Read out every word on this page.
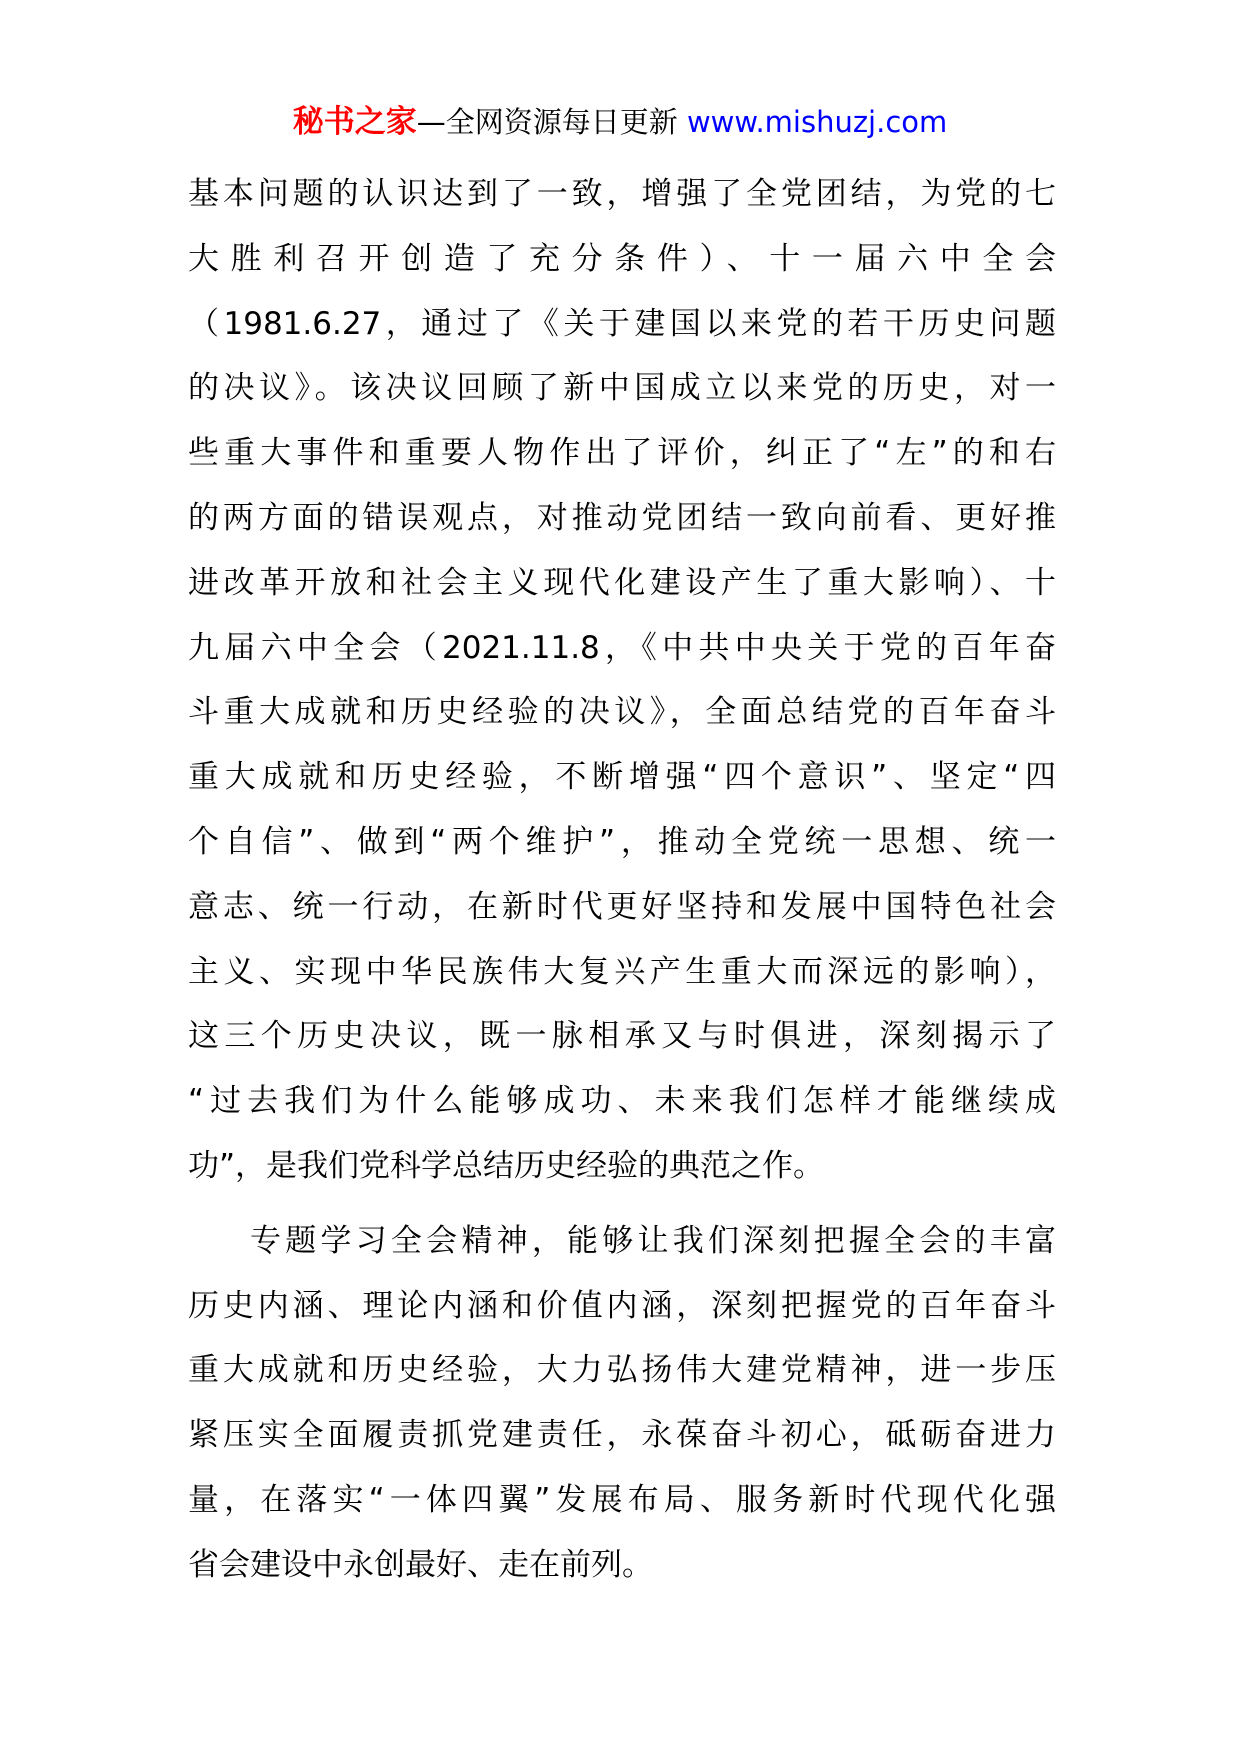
秘书之家—全网资源每日更新 www.mishuzj.com
基本问题的认识达到了一致，增强了全党团结，为党的七
大胜利召开创造了充分条件）、十一届六中全会
（1981.6.27，通过了《关于建国以来党的若干历史问题
的决议》。该决议回顾了新中国成立以来党的历史，对一
些重大事件和重要人物作出了评价，纠正了“左”的和右
的两方面的错误观点，对推动党团结一致向前看、更好推
进改革开放和社会主义现代化建设产生了重大影响）、十
九届六中全会（2021.11.8，《中共中央关于党的百年奋
斗重大成就和历史经验的决议》，全面总结党的百年奋斗
重大成就和历史经验，不断增强“四个意识”、坚定“四
个自信”、做到“两个维护”，推动全党统一思想、统一
意志、统一行动，在新时代更好坚持和发展中国特色社会
主义、实现中华民族伟大复兴产生重大而深远的影响），
这三个历史决议，既一脉相承又与时俱进，深刻揭示了
“过去我们为什么能够成功、未来我们怎样才能继续成
功”，是我们党科学总结历史经验的典范之作。
专题学习全会精神，能够让我们深刻把握全会的丰富
历史内涵、理论内涵和价值内涵，深刻把握党的百年奋斗
重大成就和历史经验，大力弘扬伟大建党精神，进一步压
紧压实全面履责抓党建责任，永葆奋斗初心，砥砺奋进力
量，在落实“一体四翼”发展布局、服务新时代现代化强
省会建设中永创最好、走在前列。
